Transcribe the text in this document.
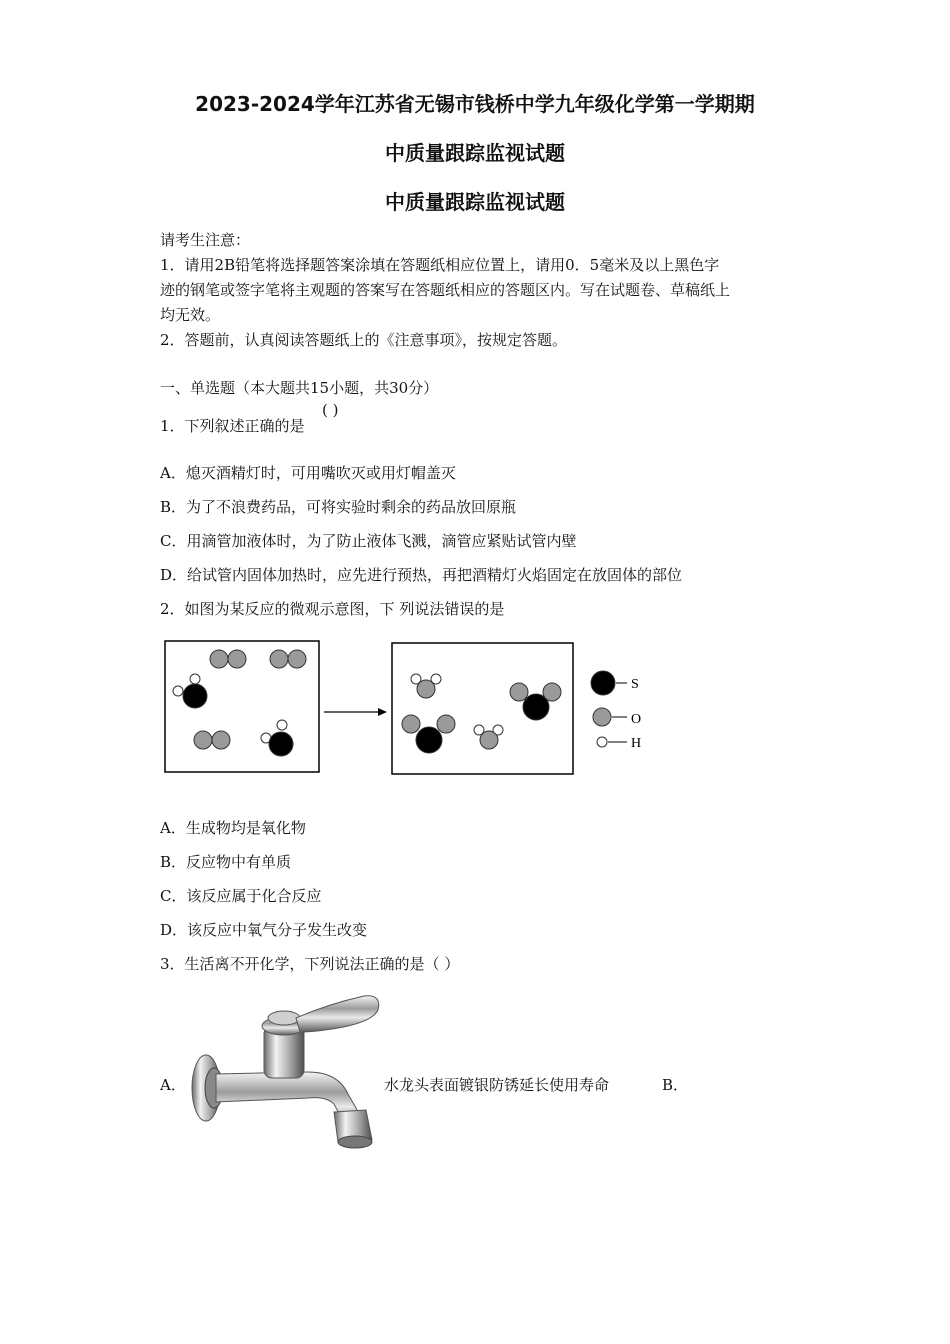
2023-2024学年江苏省无锡市钱桥中学九年级化学第一学期期
中质量跟踪监视试题
中质量跟踪监视试题
请考生注意：
1．请用2B铅笔将选择题答案涂填在答题纸相应位置上，请用0．5毫米及以上黑色字
迹的钢笔或签字笔将主观题的答案写在答题纸相应的答题区内。写在试题卷、草稿纸上
均无效。
2．答题前，认真阅读答题纸上的《注意事项》，按规定答题。
一、单选题（本大题共15小题，共30分）
1．下列叙述正确的是
( )
A．熄灭酒精灯时，可用嘴吹灭或用灯帽盖灭
B．为了不浪费药品，可将实验时剩余的药品放回原瓶
C．用滴管加液体时，为了防止液体飞溅，滴管应紧贴试管内壁
D．给试管内固体加热时，应先进行预热，再把酒精灯火焰固定在放固体的部位
2．如图为某反应的微观示意图，下 列说法错误的是
S
O
H
A．生成物均是氧化物
B．反应物中有单质
C．该反应属于化合反应
D．该反应中氧气分子发生改变
3．生活离不开化学，下列说法正确的是（ ）
A．	水龙头表面镀银防锈延长使用寿命	B．
